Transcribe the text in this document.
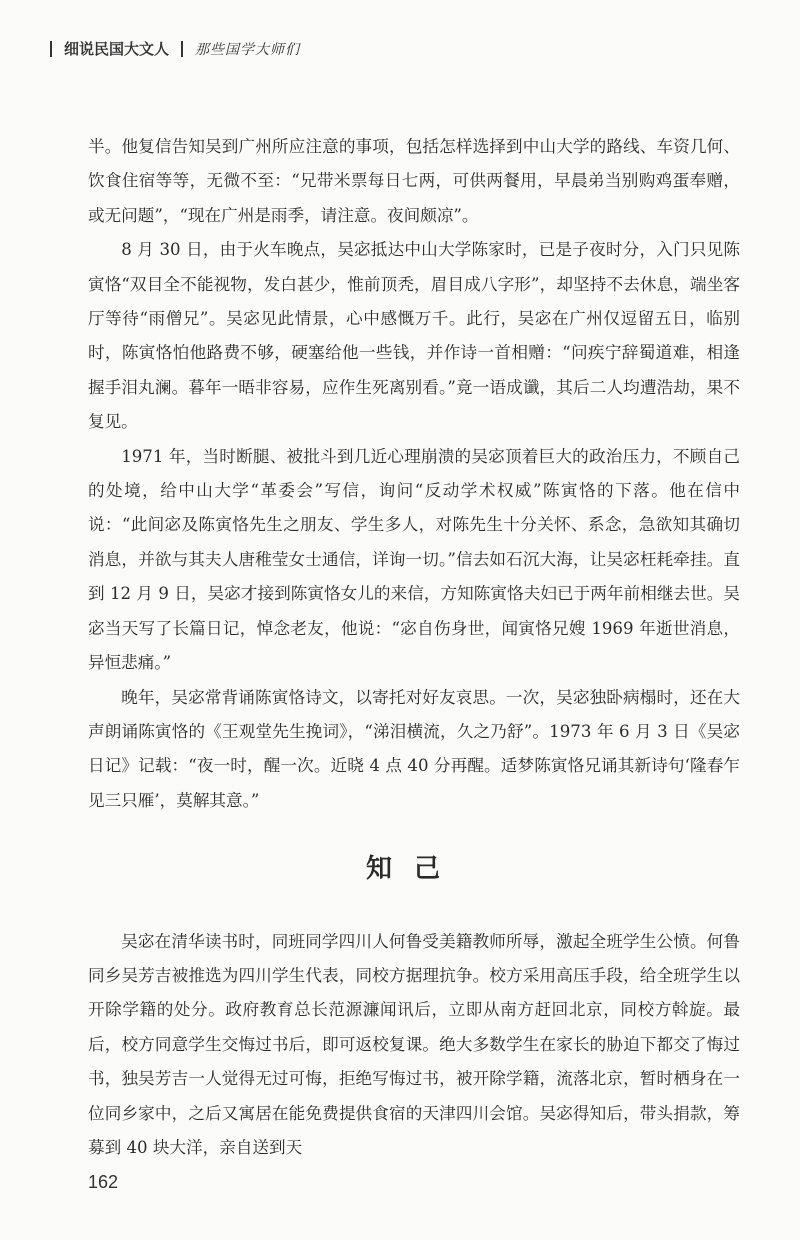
细说民国大文人 那些国学大师们

半。他复信告知吴到广州所应注意的事项，包括怎样选择到中山大学的路线、车资几何、饮食住宿等等，无微不至：“兄带米票每日七两，可供两餐用，早晨弟当别购鸡蛋奉赠，或无问题”，“现在广州是雨季，请注意。夜间颇凉”。

8 月 30 日，由于火车晚点，吴宓抵达中山大学陈家时，已是子夜时分，入门只见陈寅恪“双目全不能视物，发白甚少，惟前顶秃，眉目成八字形”，却坚持不去休息，端坐客厅等待“雨僧兄”。吴宓见此情景，心中感慨万千。此行，吴宓在广州仅逗留五日，临别时，陈寅恪怕他路费不够，硬塞给他一些钱，并作诗一首相赠：“问疾宁辞蜀道难，相逢握手泪丸澜。暮年一晤非容易，应作生死离别看。”竟一语成谶，其后二人均遭浩劫，果不复见。

1971 年，当时断腿、被批斗到几近心理崩溃的吴宓顶着巨大的政治压力，不顾自己的处境，给中山大学“革委会”写信，询问“反动学术权威”陈寅恪的下落。他在信中说：“此间宓及陈寅恪先生之朋友、学生多人，对陈先生十分关怀、系念，急欲知其确切消息，并欲与其夫人唐稚莹女士通信，详询一切。”信去如石沉大海，让吴宓枉耗牵挂。直到 12 月 9 日，吴宓才接到陈寅恪女儿的来信，方知陈寅恪夫妇已于两年前相继去世。吴宓当天写了长篇日记，悼念老友，他说：“宓自伤身世，闻寅恪兄嫂 1969 年逝世消息，异恒悲痛。”

晚年，吴宓常背诵陈寅恪诗文，以寄托对好友哀思。一次，吴宓独卧病榻时，还在大声朗诵陈寅恪的《王观堂先生挽词》，“涕泪横流，久之乃舒”。1973 年 6 月 3 日《吴宓日记》记载：“夜一时，醒一次。近晓 4 点 40 分再醒。适梦陈寅恪兄诵其新诗句‘隆春乍见三只雁’，莫解其意。”

知己

吴宓在清华读书时，同班同学四川人何鲁受美籍教师所辱，激起全班学生公愤。何鲁同乡吴芳吉被推选为四川学生代表，同校方据理抗争。校方采用高压手段，给全班学生以开除学籍的处分。政府教育总长范源濂闻讯后，立即从南方赶回北京，同校方斡旋。最后，校方同意学生交悔过书后，即可返校复课。绝大多数学生在家长的胁迫下都交了悔过书，独吴芳吉一人觉得无过可悔，拒绝写悔过书，被开除学籍，流落北京，暂时栖身在一位同乡家中，之后又寓居在能免费提供食宿的天津四川会馆。吴宓得知后，带头捐款，筹募到 40 块大洋，亲自送到天

162
